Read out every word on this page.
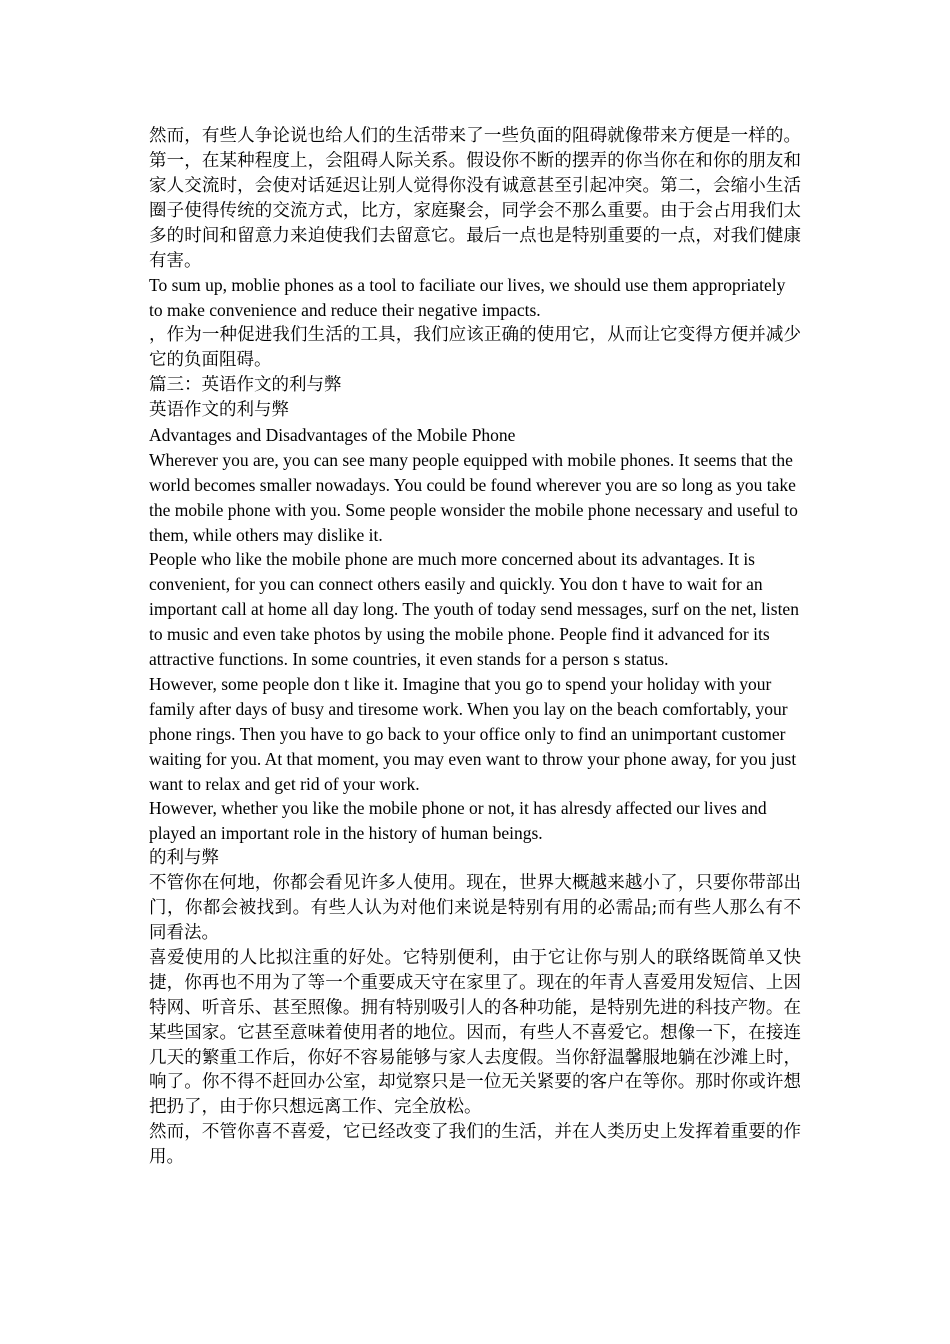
然而，有些人争论说也给人们的生活带来了一些负面的阻碍就像带来方便是一样的。第一，在某种程度上，会阻碍人际关系。假设你不断的摆弄的你当你在和你的朋友和家人交流时，会使对话延迟让别人觉得你没有诚意甚至引起冲突。第二，会缩小生活圈子使得传统的交流方式，比方，家庭聚会，同学会不那么重要。由于会占用我们太多的时间和留意力来迫使我们去留意它。最后一点也是特别重要的一点，对我们健康有害。

To sum up, moblie phones as a tool to faciliate our lives, we should use them appropriately to make convenience and reduce their negative impacts.

，作为一种促进我们生活的工具，我们应该正确的使用它，从而让它变得方便并减少它的负面阻碍。

篇三：英语作文的利与弊

英语作文的利与弊

Advantages and Disadvantages of the Mobile Phone

Wherever you are, you can see many people equipped with mobile phones. It seems that the world becomes smaller nowadays. You could be found wherever you are so long as you take the mobile phone with you. Some people wonsider the mobile phone necessary and useful to them, while others may dislike it.

People who like the mobile phone are much more concerned about its advantages. It is convenient, for you can connect others easily and quickly. You don t have to wait for an important call at home all day long. The youth of today send messages, surf on the net, listen to music and even take photos by using the mobile phone. People find it advanced for its attractive functions. In some countries, it even stands for a person s status.

However, some people don t like it. Imagine that you go to spend your holiday with your family after days of busy and tiresome work. When you lay on the beach comfortably, your phone rings. Then you have to go back to your office only to find an unimportant customer waiting for you. At that moment, you may even want to throw your phone away, for you just want to relax and get rid of your work.

However, whether you like the mobile phone or not, it has alresdy affected our lives and played an important role in the history of human beings.

的利与弊

不管你在何地，你都会看见许多人使用。现在，世界大概越来越小了，只要你带部出门，你都会被找到。有些人认为对他们来说是特别有用的必需品;而有些人那么有不同看法。

喜爱使用的人比拟注重的好处。它特别便利，由于它让你与别人的联络既简单又快捷，你再也不用为了等一个重要成天守在家里了。现在的年青人喜爱用发短信、上因特网、听音乐、甚至照像。拥有特别吸引人的各种功能，是特别先进的科技产物。在某些国家。它甚至意味着使用者的地位。因而，有些人不喜爱它。想像一下，在接连几天的繁重工作后，你好不容易能够与家人去度假。当你舒温馨服地躺在沙滩上时，响了。你不得不赶回办公室，却觉察只是一位无关紧要的客户在等你。那时你或许想把扔了，由于你只想远离工作、完全放松。

然而，不管你喜不喜爱，它已经改变了我们的生活，并在人类历史上发挥着重要的作用。
